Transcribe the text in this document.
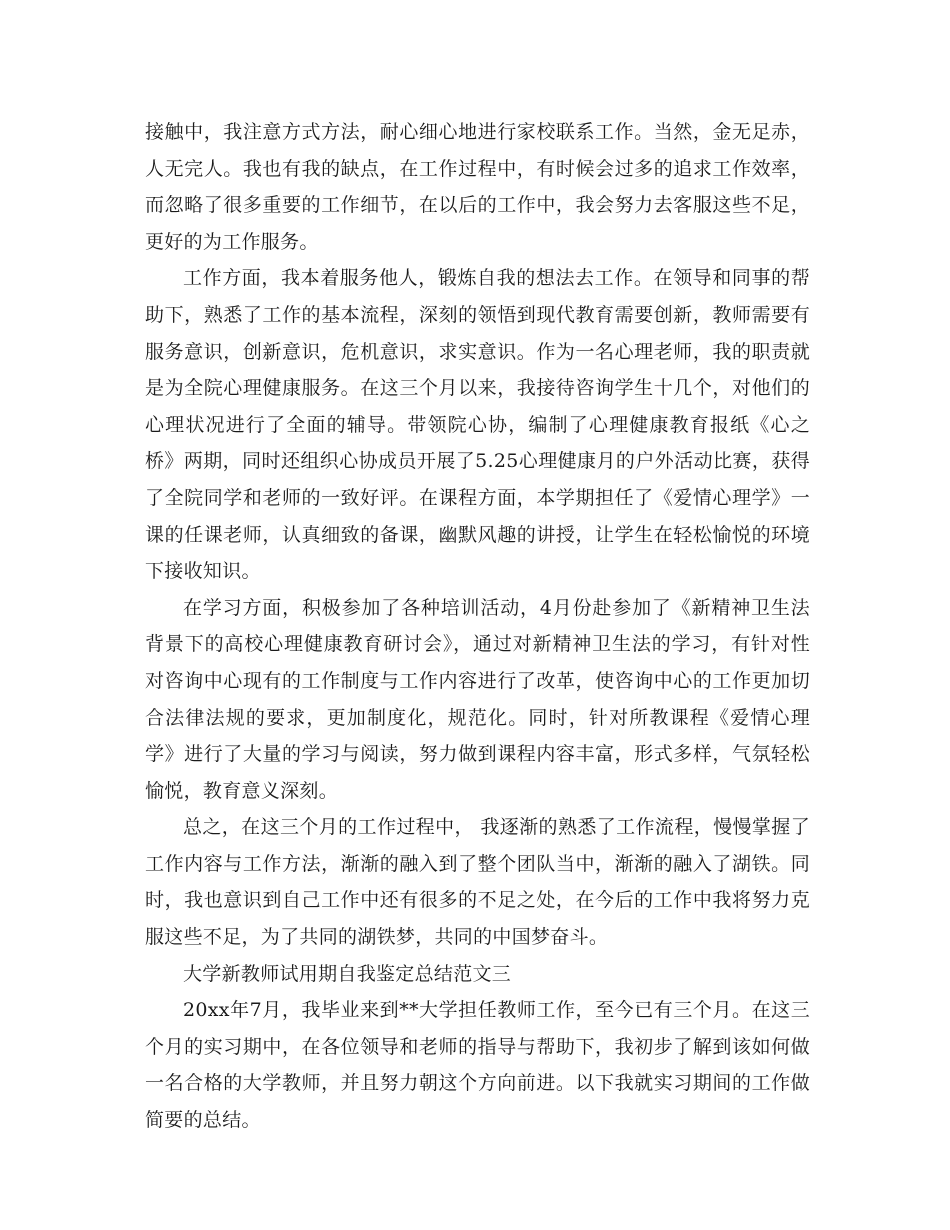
接触中，我注意方式方法，耐心细心地进行家校联系工作。当然，金无足赤，人无完人。我也有我的缺点，在工作过程中，有时候会过多的追求工作效率，而忽略了很多重要的工作细节，在以后的工作中，我会努力去客服这些不足，更好的为工作服务。

工作方面，我本着服务他人，锻炼自我的想法去工作。在领导和同事的帮助下，熟悉了工作的基本流程，深刻的领悟到现代教育需要创新，教师需要有服务意识，创新意识，危机意识，求实意识。作为一名心理老师，我的职责就是为全院心理健康服务。在这三个月以来，我接待咨询学生十几个，对他们的心理状况进行了全面的辅导。带领院心协，编制了心理健康教育报纸《心之桥》两期，同时还组织心协成员开展了5.25心理健康月的户外活动比赛，获得了全院同学和老师的一致好评。在课程方面，本学期担任了《爱情心理学》一课的任课老师，认真细致的备课，幽默风趣的讲授，让学生在轻松愉悦的环境下接收知识。

在学习方面，积极参加了各种培训活动，4月份赴参加了《新精神卫生法背景下的高校心理健康教育研讨会》，通过对新精神卫生法的学习，有针对性对咨询中心现有的工作制度与工作内容进行了改革，使咨询中心的工作更加切合法律法规的要求，更加制度化，规范化。同时，针对所教课程《爱情心理学》进行了大量的学习与阅读，努力做到课程内容丰富，形式多样，气氛轻松愉悦，教育意义深刻。

总之，在这三个月的工作过程中， 我逐渐的熟悉了工作流程，慢慢掌握了工作内容与工作方法，渐渐的融入到了整个团队当中，渐渐的融入了湖铁。同时，我也意识到自己工作中还有很多的不足之处，在今后的工作中我将努力克服这些不足，为了共同的湖铁梦，共同的中国梦奋斗。

大学新教师试用期自我鉴定总结范文三

20xx年7月，我毕业来到**大学担任教师工作，至今已有三个月。在这三个月的实习期中，在各位领导和老师的指导与帮助下，我初步了解到该如何做一名合格的大学教师，并且努力朝这个方向前进。以下我就实习期间的工作做简要的总结。
